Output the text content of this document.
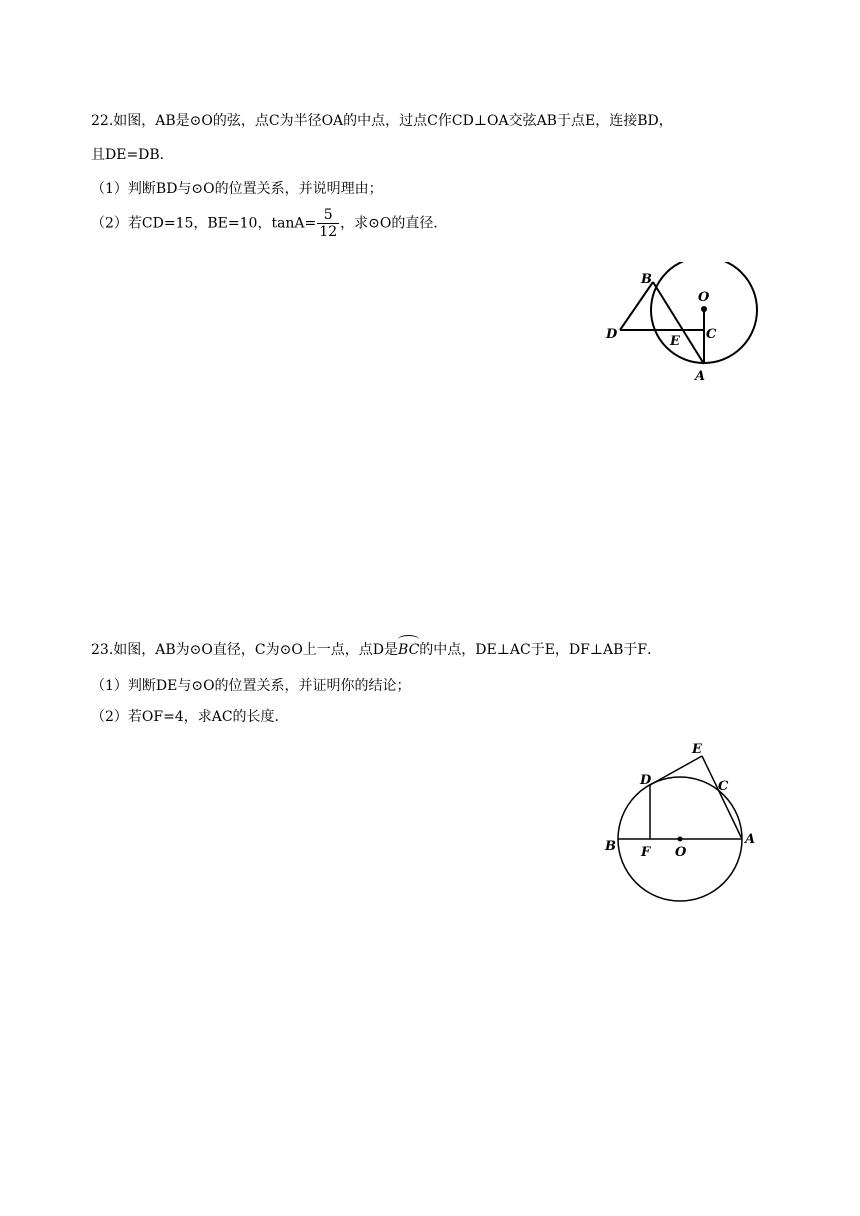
22.如图，AB是⊙O的弦，点C为半径OA的中点，过点C作CD⊥OA交弦AB于点E，连接BD，
且DE=DB．
（1）判断BD与⊙O的位置关系，并说明理由；
（2）若CD=15，BE=10，$\tan A= \frac{5}{12}$ ，求⊙O的直径．
B
O
D	E C
A
23.如图，AB为⊙O直径，C为⊙O上一点，点D是BC的中点，DE⊥AC于E，DF⊥AB于F．
（1）判断DE与⊙O的位置关系，并证明你的结论；
（2）若OF=4，求AC的长度．
E
D	C
B F O
A
